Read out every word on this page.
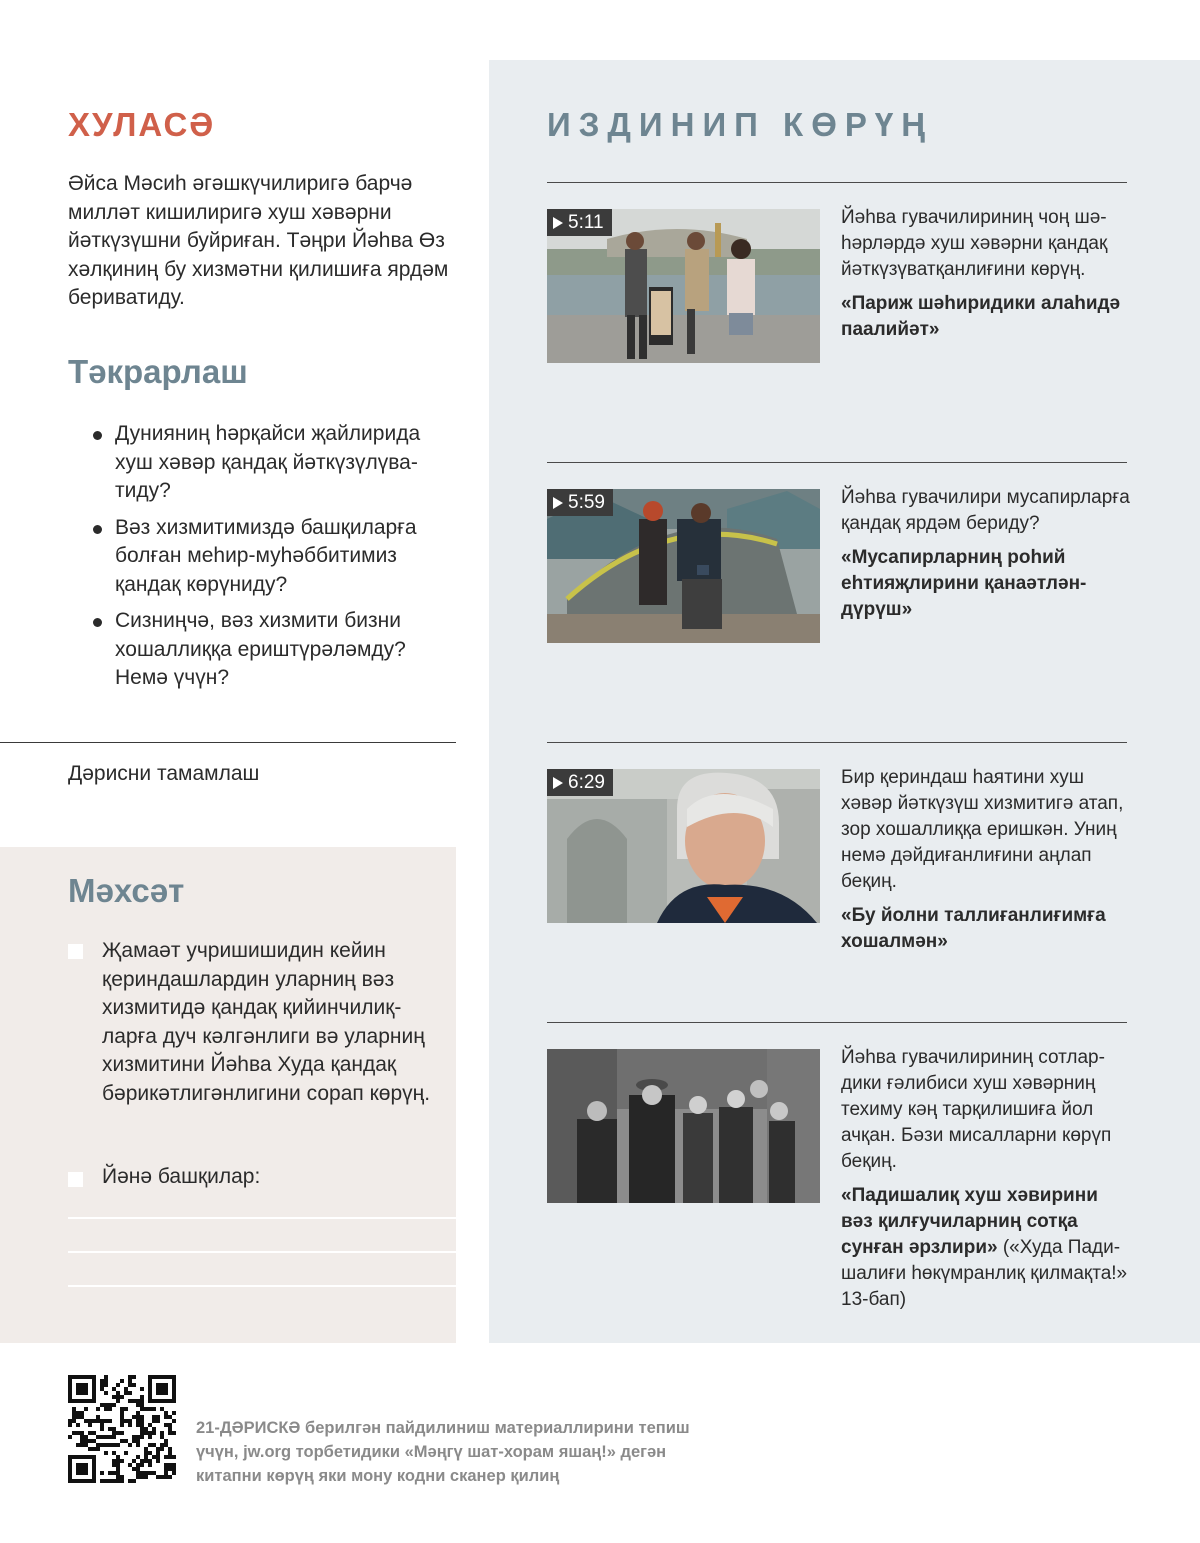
ХУЛАСӘ
Әйса Мәсиһ әгәшкүчилиригә барчә милләт кишилиригә хуш хәвәрни йәткүзүшни буйриған. Тәңри Йәһва Өз хәлқиниң бу хизмәтни қилишиға ярдәм бериватиду.
Тәкрарлаш
Дунияниң һәрқайси җайлирида хуш хәвәр қандақ йәткүзүлүватиду?
Вәз хизмитимиздә башқиларға болған меһир-муһәббитимиз қандақ көрүниду?
Сизниңчә, вәз хизмити бизни хошаллиққа ериштүрәләмду? Немә үчүн?
Дәрисни тамамлаш
Мәхсәт
Җамаәт учришишидин кейин қериндашлардин уларниң вәз хизмитидә қандақ қийинчилиқларға дуч кәлгәнлиги вә уларниң хизмитини Йәһва Худа қандақ бәрикәтлигәнлигини сорап көрүң.
Йәнә башқилар:
ИЗДИНИП КӨРҮҢ
5:11	Йәһва гувачилириниң чоң шәһәрләрдә хуш хәвәрни қандақ йәткүзүватқанлиғини көрүң.
«Париж шәһиридики алаһидә паалийәт»
5:59	Йәһва гувачилири мусапирларға қандақ ярдәм бериду?
«Мусапирларниң роһий еһтияҗлирини қанаәтләндүрүш»
6:29	Бир қериндаш һаятини хуш хәвәр йәткүзүш хизмитигә атап, зор хошаллиққа еришкән. Униң немә дәйдиғанлиғини аңлап беқиң.
«Бу йолни таллиғанлиғимға хошалмән»
Йәһва гувачилириниң сотлардики ғәлибиси хуш хәвәрниң техиму кәң тарқилишиға йол ачқан. Бәзи мисалларни көрүп беқиң.
«Падишалиқ хуш хәвирини вәз қилғучиларниң сотқа сунған әрзлири» («Худа Падишалиғи һөкүмранлиқ қилмақта!» 13-бап)
21-ДӘРИСКӘ берилгән пайдилиниш материаллирини тепиш үчүн, jw.org торбетидики «Мәңгү шат-хорам яшаң!» дегән китапни көрүң яки мону кодни сканер қилиң
